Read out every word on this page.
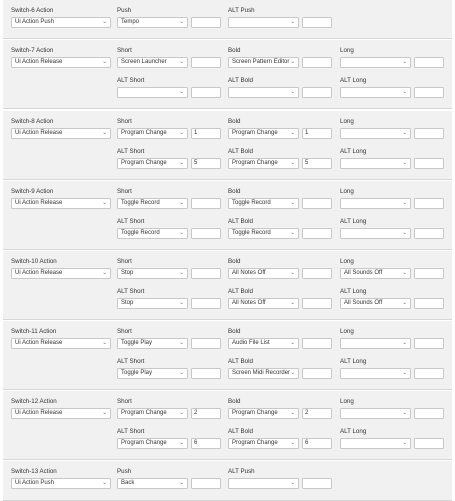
Switch-6 Action
Ui Action Push	⌄
Push
Tempo	⌄
ALT Push
⌄
Switch-7 Action
Ui Action Release	⌄
Short
Screen Launcher ⌄
Bold
Screen Pattern Editor ⌄
Long
⌄
ALT Short
⌄
ALT Bold
⌄
ALT Long
⌄
Switch-8 Action
Ui Action Release	⌄
Short
Program Change ⌄	1
Bold
Program Change ⌄	1
Long
⌄
ALT Short
Program Change ⌄	5
ALT Bold
Program Change ⌄	5
ALT Long
⌄
Switch-9 Action
Ui Action Release	⌄
Short
Toggle Record	⌄
Bold
Toggle Record	⌄
Long
⌄
ALT Short
Toggle Record	⌄
ALT Bold
Toggle Record	⌄
ALT Long
⌄
Switch-10 Action
Ui Action Release	⌄
Short
Stop	⌄
Bold
All Notes Off	⌄
Long
All Sounds Off	⌄
ALT Short
Stop	⌄
ALT Bold
All Notes Off	⌄
ALT Long
All Sounds Off	⌄
Switch-11 Action
Ui Action Release	⌄
Short
Toggle Play	⌄
Bold
Audio File List	⌄
Long
⌄
ALT Short
Toggle Play	⌄
ALT Bold
Screen Midi Recorder ⌄
ALT Long
⌄
Switch-12 Action
Ui Action Release	⌄
Short
Program Change ⌄	2
Bold
Program Change ⌄	2
Long
⌄
ALT Short
Program Change ⌄	6
ALT Bold
Program Change ⌄	6
ALT Long
⌄
Switch-13 Action
Ui Action Push	⌄
Push
Back	⌄
ALT Push
⌄
